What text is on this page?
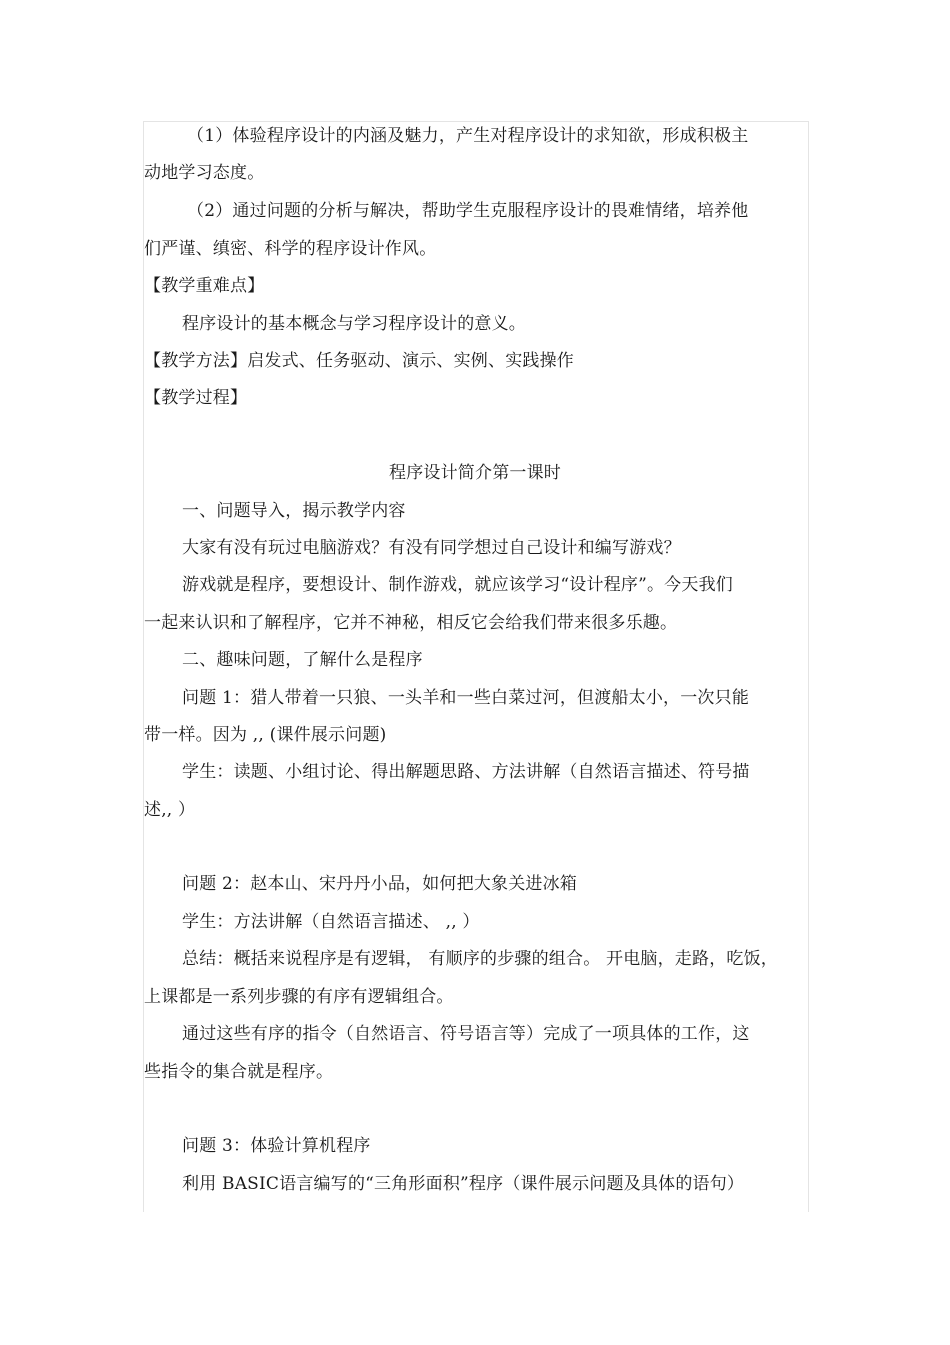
（1）体验程序设计的内涵及魅力，产生对程序设计的求知欲，形成积极主
动地学习态度。
（2）通过问题的分析与解决，帮助学生克服程序设计的畏难情绪，培养他
们严谨、缜密、科学的程序设计作风。
【教学重难点】
程序设计的基本概念与学习程序设计的意义。
【教学方法】启发式、任务驱动、演示、实例、实践操作
【教学过程】
程序设计简介第一课时
一、问题导入，揭示教学内容
大家有没有玩过电脑游戏？有没有同学想过自己设计和编写游戏？
游戏就是程序，要想设计、制作游戏，就应该学习“设计程序”。今天我们
一起来认识和了解程序，它并不神秘，相反它会给我们带来很多乐趣。
二、趣味问题，了解什么是程序
问题 1：猎人带着一只狼、一头羊和一些白菜过河，但渡船太小，一次只能
带一样。因为 ,, (课件展示问题)
学生：读题、小组讨论、得出解题思路、方法讲解（自然语言描述、符号描
述,, ）
问题 2：赵本山、宋丹丹小品，如何把大象关进冰箱
学生：方法讲解（自然语言描述、 ,, ）
总结：概括来说程序是有逻辑， 有顺序的步骤的组合。 开电脑，走路，吃饭，
上课都是一系列步骤的有序有逻辑组合。
通过这些有序的指令（自然语言、符号语言等）完成了一项具体的工作，这
些指令的集合就是程序。
问题 3：体验计算机程序
利用 BASIC语言编写的“三角形面积”程序（课件展示问题及具体的语句）
